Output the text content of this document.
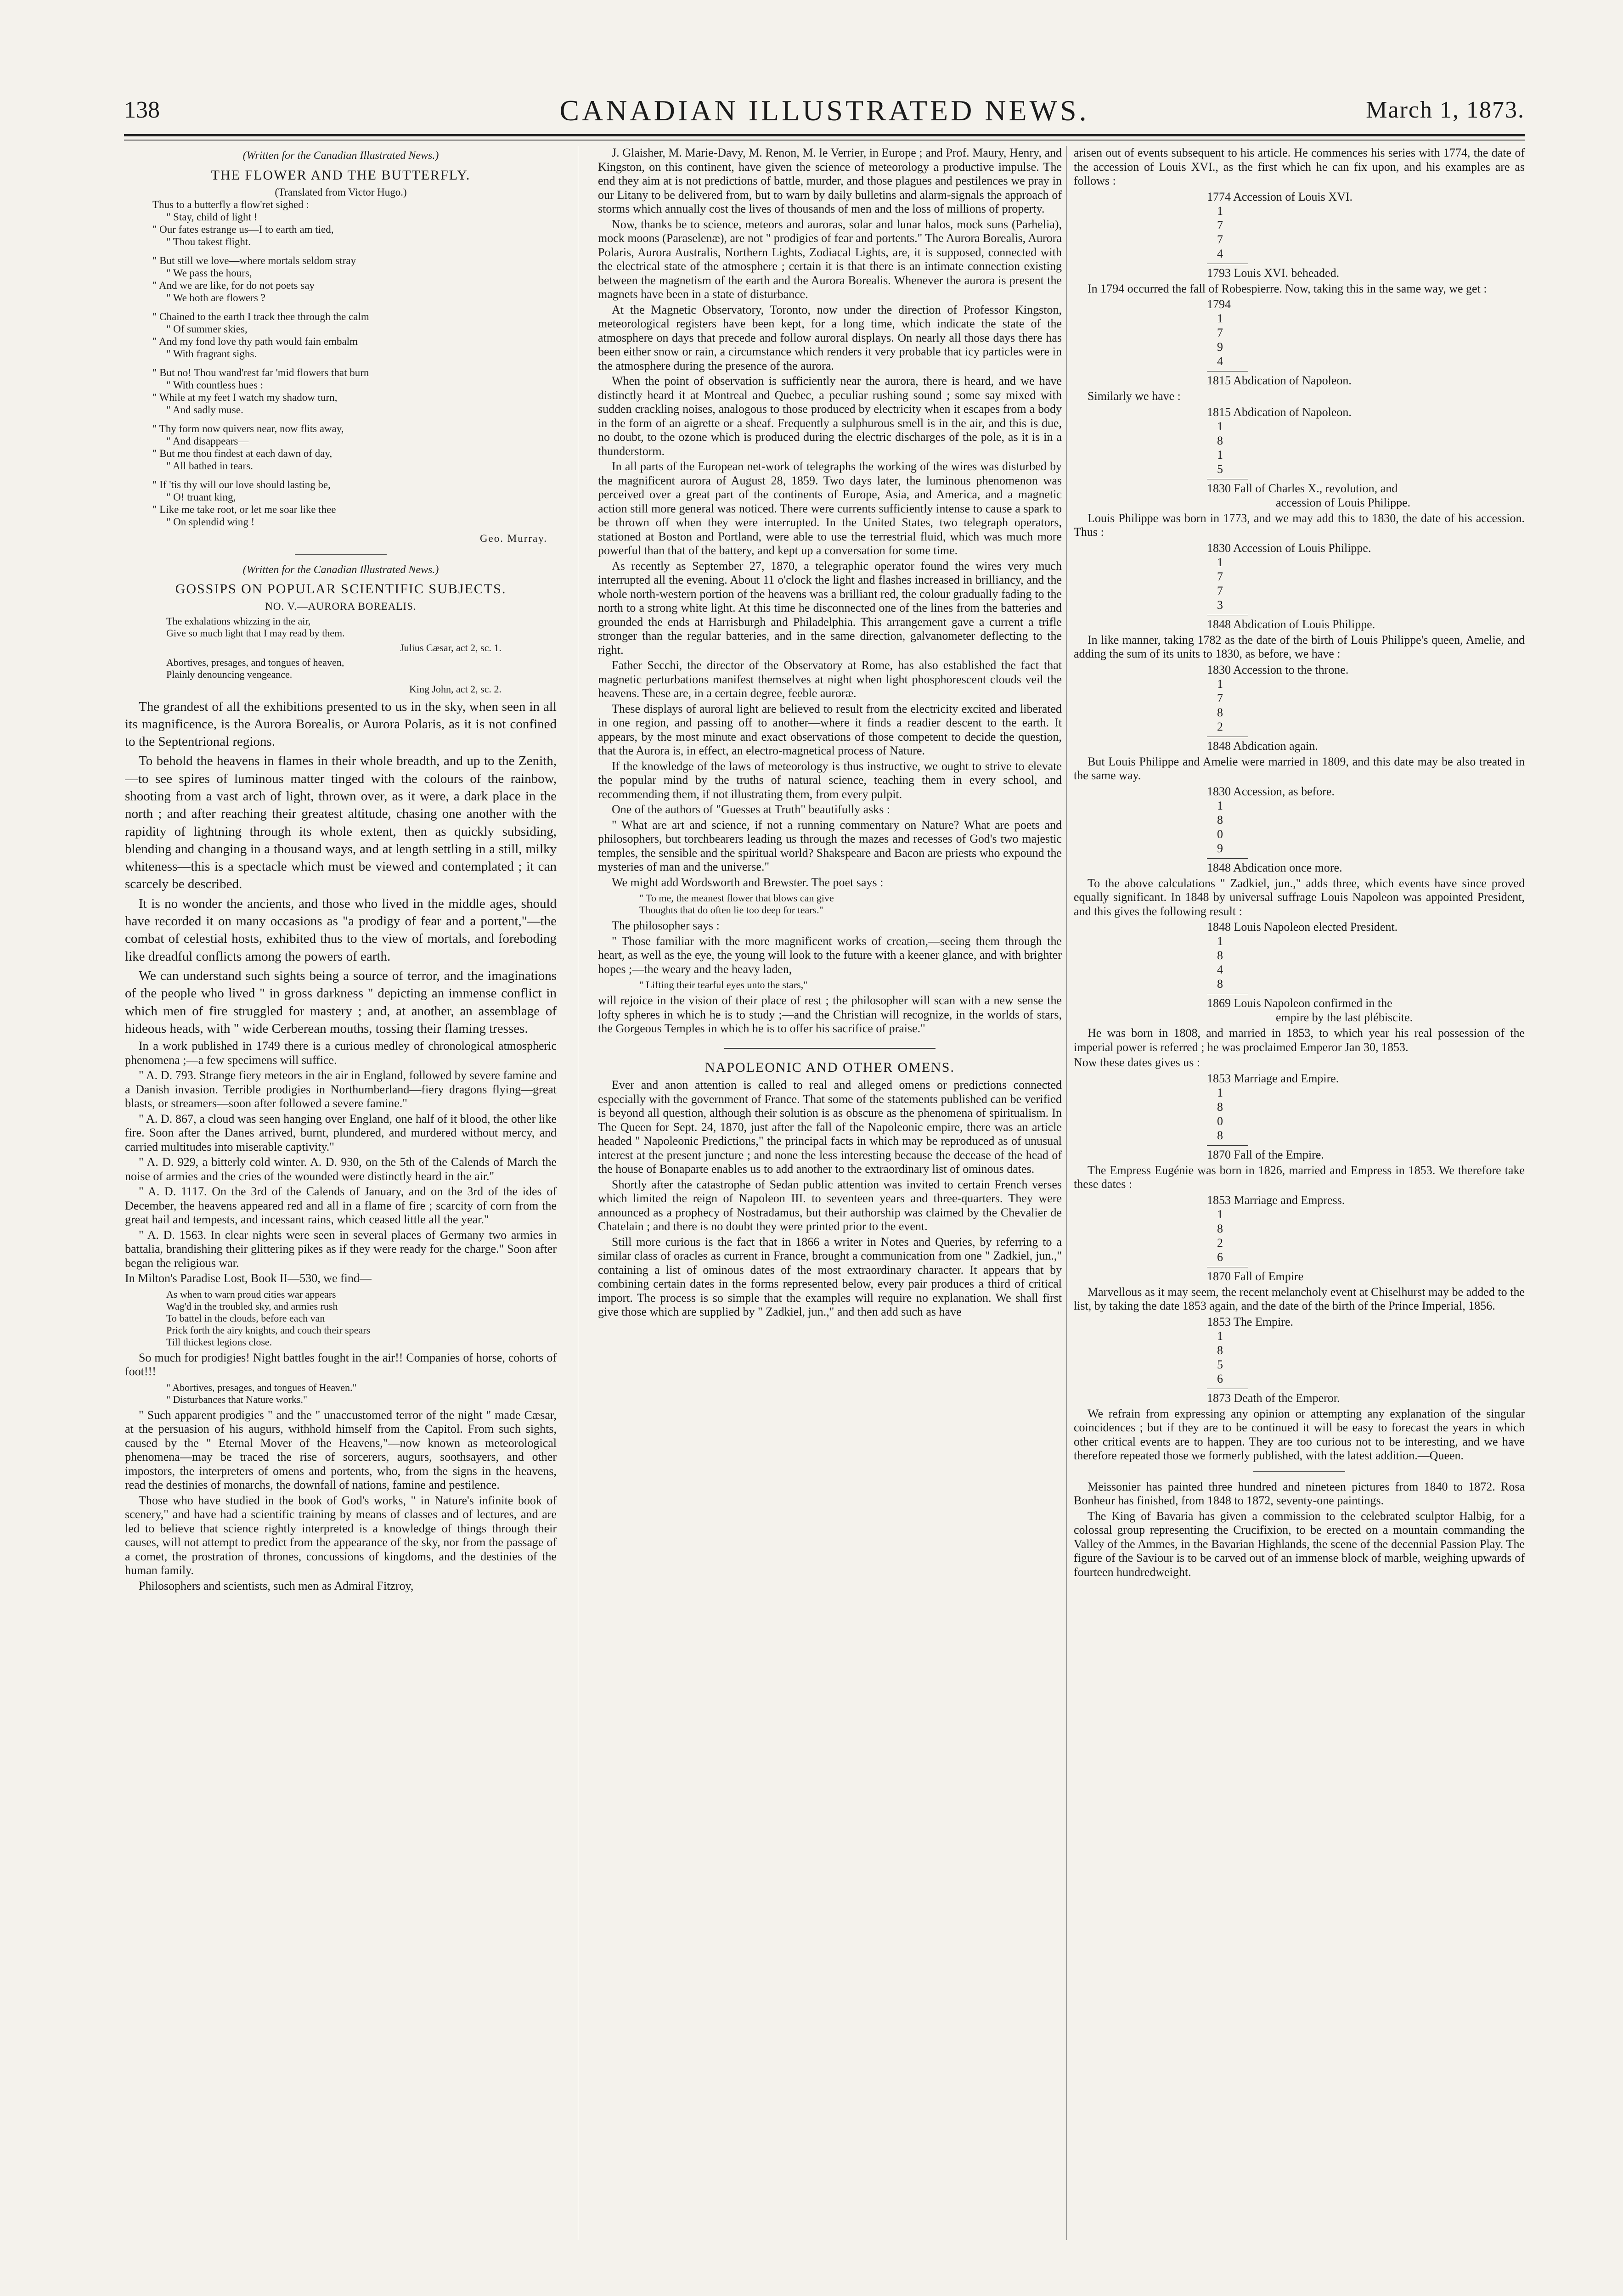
138	CANADIAN ILLUSTRATED NEWS.	March 1, 1873.
(Written for the Canadian Illustrated News.)
THE FLOWER AND THE BUTTERFLY.
(Translated from Victor Hugo.)
Thus to a butterfly a flow'ret sighed :
" Stay, child of light !
" Our fates estrange us—I to earth am tied,
" Thou takest flight.
" But still we love—where mortals seldom stray
" We pass the hours,
" And we are like, for do not poets say
" We both are flowers ?
" Chained to the earth I track thee through the calm
" Of summer skies,
" And my fond love thy path would fain embalm
" With fragrant sighs.
" But no! Thou wand'rest far 'mid flowers that burn
" With countless hues :
" While at my feet I watch my shadow turn,
" And sadly muse.
" Thy form now quivers near, now flits away,
" And disappears—
" But me thou findest at each dawn of day,
" All bathed in tears.
" If 'tis thy will our love should lasting be,
" O! truant king,
" Like me take root, or let me soar like thee
" On splendid wing !
Geo. Murray.
(Written for the Canadian Illustrated News.)
GOSSIPS ON POPULAR SCIENTIFIC SUBJECTS.
NO. V.—AURORA BOREALIS.
The exhalations whizzing in the air,
Give so much light that I may read by them.
Julius Cæsar, act 2, sc. 1.
Abortives, presages, and tongues of heaven,
Plainly denouncing vengeance.
King John, act 2, sc. 2.

The grandest of all the exhibitions presented to us in the sky, when seen in all its magnificence, is the Aurora Borealis, or Aurora Polaris, as it is not confined to the Septentrional regions.

To behold the heavens in flames in their whole breadth, and up to the Zenith,—to see spires of luminous matter tinged with the colours of the rainbow, shooting from a vast arch of light, thrown over, as it were, a dark place in the north ; and after reaching their greatest altitude, chasing one another with the rapidity of lightning through its whole extent, then as quickly subsiding, blending and changing in a thousand ways, and at length settling in a still, milky whiteness—this is a spectacle which must be viewed and contemplated ; it can scarcely be described.

It is no wonder the ancients, and those who lived in the middle ages, should have recorded it on many occasions as "a prodigy of fear and a portent,"—the combat of celestial hosts, exhibited thus to the view of mortals, and foreboding like dreadful conflicts among the powers of earth.

We can understand such sights being a source of terror, and the imaginations of the people who lived " in gross darkness " depicting an immense conflict in which men of fire struggled for mastery ; and, at another, an assemblage of hideous heads, with " wide Cerberean mouths, tossing their flaming tresses.

In a work published in 1749 there is a curious medley of chronological atmospheric phenomena ;—a few specimens will suffice.

" A. D. 793. Strange fiery meteors in the air in England, followed by severe famine and a Danish invasion. Terrible prodigies in Northumberland—fiery dragons flying—great blasts, or streamers—soon after followed a severe famine."

" A. D. 867, a cloud was seen hanging over England, one half of it blood, the other like fire. Soon after the Danes arrived, burnt, plundered, and murdered without mercy, and carried multitudes into miserable captivity."

" A. D. 929, a bitterly cold winter. A. D. 930, on the 5th of the Calends of March the noise of armies and the cries of the wounded were distinctly heard in the air."

" A. D. 1117. On the 3rd of the Calends of January, and on the 3rd of the ides of December, the heavens appeared red and all in a flame of fire ; scarcity of corn from the great hail and tempests, and incessant rains, which ceased little all the year."

" A. D. 1563. In clear nights were seen in several places of Germany two armies in battalia, brandishing their glittering pikes as if they were ready for the charge." Soon after began the religious war.

In Milton's Paradise Lost, Book II—530, we find—

As when to warn proud cities war appears
Wag'd in the troubled sky, and armies rush
To battel in the clouds, before each van
Prick forth the airy knights, and couch their spears
Till thickest legions close.

So much for prodigies! Night battles fought in the air!! Companies of horse, cohorts of foot!!!

" Abortives, presages, and tongues of Heaven."
" Disturbances that Nature works."

" Such apparent prodigies " and the " unaccustomed terror of the night " made Cæsar, at the persuasion of his augurs, withhold himself from the Capitol. From such sights, caused by the " Eternal Mover of the Heavens,"—now known as meteorological phenomena—may be traced the rise of sorcerers, augurs, soothsayers, and other impostors, the interpreters of omens and portents, who, from the signs in the heavens, read the destinies of monarchs, the downfall of nations, famine and pestilence.

Those who have studied in the book of God's works, " in Nature's infinite book of scenery," and have had a scientific training by means of classes and of lectures, and are led to believe that science rightly interpreted is a knowledge of things through their causes, will not attempt to predict from the appearance of the sky, nor from the passage of a comet, the prostration of thrones, concussions of kingdoms, and the destinies of the human family.

Philosophers and scientists, such men as Admiral Fitzroy,

J. Glaisher, M. Marie-Davy, M. Renon, M. le Verrier, in Europe ; and Prof. Maury, Henry, and Kingston, on this continent, have given the science of meteorology a productive impulse. The end they aim at is not predictions of battle, murder, and those plagues and pestilences we pray in our Litany to be delivered from, but to warn by daily bulletins and alarm-signals the approach of storms which annually cost the lives of thousands of men and the loss of millions of property.

Now, thanks be to science, meteors and auroras, solar and lunar halos, mock suns (Parhelia), mock moons (Paraselenæ), are not " prodigies of fear and portents." The Aurora Borealis, Aurora Polaris, Aurora Australis, Northern Lights, Zodiacal Lights, are, it is supposed, connected with the electrical state of the atmosphere ; certain it is that there is an intimate connection existing between the magnetism of the earth and the Aurora Borealis. Whenever the aurora is present the magnets have been in a state of disturbance.

At the Magnetic Observatory, Toronto, now under the direction of Professor Kingston, meteorological registers have been kept, for a long time, which indicate the state of the atmosphere on days that precede and follow auroral displays. On nearly all those days there has been either snow or rain, a circumstance which renders it very probable that icy particles were in the atmosphere during the presence of the aurora.

When the point of observation is sufficiently near the aurora, there is heard, and we have distinctly heard it at Montreal and Quebec, a peculiar rushing sound ; some say mixed with sudden crackling noises, analogous to those produced by electricity when it escapes from a body in the form of an aigrette or a sheaf. Frequently a sulphurous smell is in the air, and this is due, no doubt, to the ozone which is produced during the electric discharges of the pole, as it is in a thunderstorm.

In all parts of the European net-work of telegraphs the working of the wires was disturbed by the magnificent aurora of August 28, 1859. Two days later, the luminous phenomenon was perceived over a great part of the continents of Europe, Asia, and America, and a magnetic action still more general was noticed. There were currents sufficiently intense to cause a spark to be thrown off when they were interrupted. In the United States, two telegraph operators, stationed at Boston and Portland, were able to use the terrestrial fluid, which was much more powerful than that of the battery, and kept up a conversation for some time.

As recently as September 27, 1870, a telegraphic operator found the wires very much interrupted all the evening. About 11 o'clock the light and flashes increased in brilliancy, and the whole north-western portion of the heavens was a brilliant red, the colour gradually fading to the north to a strong white light. At this time he disconnected one of the lines from the batteries and grounded the ends at Harrisburgh and Philadelphia. This arrangement gave a current a trifle stronger than the regular batteries, and in the same direction, galvanometer deflecting to the right.

Father Secchi, the director of the Observatory at Rome, has also established the fact that magnetic perturbations manifest themselves at night when light phosphorescent clouds veil the heavens. These are, in a certain degree, feeble auroræ.

These displays of auroral light are believed to result from the electricity excited and liberated in one region, and passing off to another—where it finds a readier descent to the earth. It appears, by the most minute and exact observations of those competent to decide the question, that the Aurora is, in effect, an electro-magnetical process of Nature.

If the knowledge of the laws of meteorology is thus instructive, we ought to strive to elevate the popular mind by the truths of natural science, teaching them in every school, and recommending them, if not illustrating them, from every pulpit.

One of the authors of "Guesses at Truth" beautifully asks :

" What are art and science, if not a running commentary on Nature? What are poets and philosophers, but torchbearers leading us through the mazes and recesses of God's two majestic temples, the sensible and the spiritual world? Shakspeare and Bacon are priests who expound the mysteries of man and the universe."

We might add Wordsworth and Brewster. The poet says :

" To me, the meanest flower that blows can give
Thoughts that do often lie too deep for tears."

The philosopher says :

" Those familiar with the more magnificent works of creation,—seeing them through the heart, as well as the eye, the young will look to the future with a keener glance, and with brighter hopes ;—the weary and the heavy laden,

" Lifting their tearful eyes unto the stars,"

will rejoice in the vision of their place of rest ; the philosopher will scan with a new sense the lofty spheres in which he is to study ;—and the Christian will recognize, in the worlds of stars, the Gorgeous Temples in which he is to offer his sacrifice of praise."

NAPOLEONIC AND OTHER OMENS.

Ever and anon attention is called to real and alleged omens or predictions connected especially with the government of France. That some of the statements published can be verified is beyond all question, although their solution is as obscure as the phenomena of spiritualism. In The Queen for Sept. 24, 1870, just after the fall of the Napoleonic empire, there was an article headed " Napoleonic Predictions," the principal facts in which may be reproduced as of unusual interest at the present juncture ; and none the less interesting because the decease of the head of the house of Bonaparte enables us to add another to the extraordinary list of ominous dates.

Shortly after the catastrophe of Sedan public attention was invited to certain French verses which limited the reign of Napoleon III. to seventeen years and three-quarters. They were announced as a prophecy of Nostradamus, but their authorship was claimed by the Chevalier de Chatelain ; and there is no doubt they were printed prior to the event.

Still more curious is the fact that in 1866 a writer in Notes and Queries, by referring to a similar class of oracles as current in France, brought a communication from one " Zadkiel, jun.," containing a list of ominous dates of the most extraordinary character. It appears that by combining certain dates in the forms represented below, every pair produces a third of critical import. The process is so simple that the examples will require no explanation. We shall first give those which are supplied by " Zadkiel, jun.," and then add such as have

arisen out of events subsequent to his article. He commences his series with 1774, the date of the accession of Louis XVI., as the first which he can fix upon, and his examples are as follows :

1774 Accession of Louis XVI.
1
7
7
4
1793 Louis XVI. beheaded.

In 1794 occurred the fall of Robespierre. Now, taking this in the same way, we get :

1794
1
7
9
4
1815 Abdication of Napoleon.

Similarly we have :

1815 Abdication of Napoleon.
1
8
1
5
1830 Fall of Charles X., revolution, and
accession of Louis Philippe.

Louis Philippe was born in 1773, and we may add this to 1830, the date of his accession. Thus :

1830 Accession of Louis Philippe.
1
7
7
3
1848 Abdication of Louis Philippe.

In like manner, taking 1782 as the date of the birth of Louis Philippe's queen, Amelie, and adding the sum of its units to 1830, as before, we have :

1830 Accession to the throne.
1
7
8
2
1848 Abdication again.

But Louis Philippe and Amelie were married in 1809, and this date may be also treated in the same way.

1830 Accession, as before.
1
8
0
9
1848 Abdication once more.

To the above calculations " Zadkiel, jun.," adds three, which events have since proved equally significant. In 1848 by universal suffrage Louis Napoleon was appointed President, and this gives the following result :

1848 Louis Napoleon elected President.
1
8
4
8
1869 Louis Napoleon confirmed in the
empire by the last plébiscite.

He was born in 1808, and married in 1853, to which year his real possession of the imperial power is referred ; he was proclaimed Emperor Jan 30, 1853.

Now these dates gives us :

1853 Marriage and Empire.
1
8
0
8
1870 Fall of the Empire.

The Empress Eugénie was born in 1826, married and Empress in 1853. We therefore take these dates :

1853 Marriage and Empress.
1
8
2
6
1870 Fall of Empire

Marvellous as it may seem, the recent melancholy event at Chiselhurst may be added to the list, by taking the date 1853 again, and the date of the birth of the Prince Imperial, 1856.

1853 The Empire.
1
8
5
6
1873 Death of the Emperor.

We refrain from expressing any opinion or attempting any explanation of the singular coincidences ; but if they are to be continued it will be easy to forecast the years in which other critical events are to happen. They are too curious not to be interesting, and we have therefore repeated those we formerly published, with the latest addition.—Queen.

Meissonier has painted three hundred and nineteen pictures from 1840 to 1872. Rosa Bonheur has finished, from 1848 to 1872, seventy-one paintings.

The King of Bavaria has given a commission to the celebrated sculptor Halbig, for a colossal group representing the Crucifixion, to be erected on a mountain commanding the Valley of the Ammes, in the Bavarian Highlands, the scene of the decennial Passion Play. The figure of the Saviour is to be carved out of an immense block of marble, weighing upwards of fourteen hundredweight.
